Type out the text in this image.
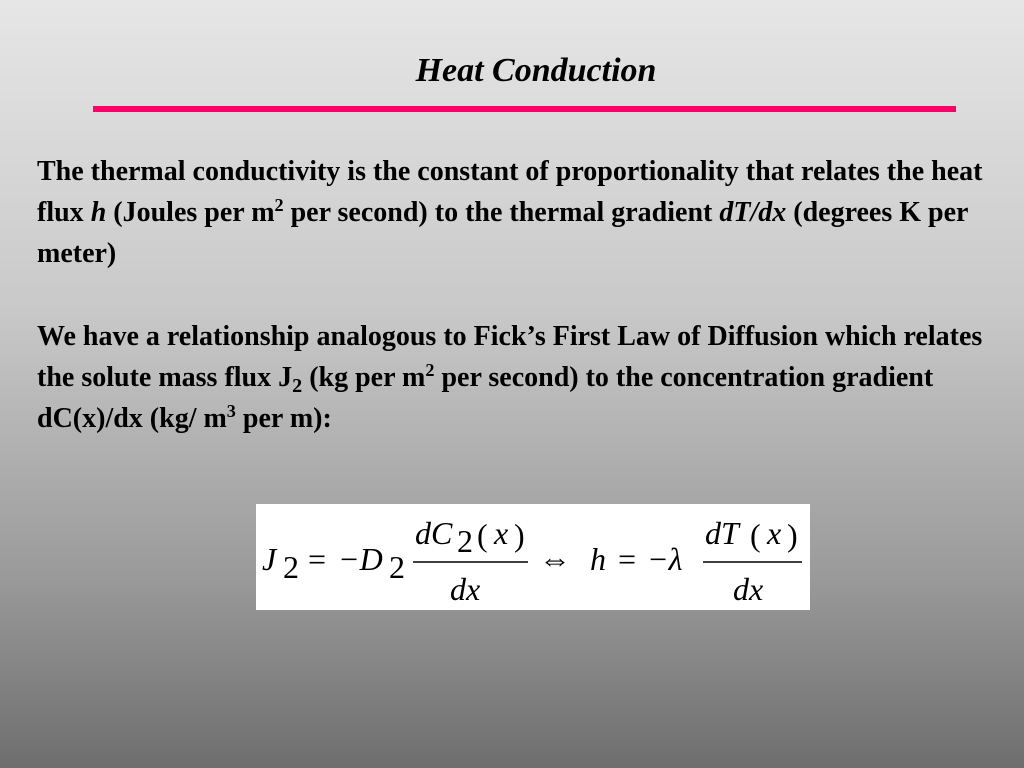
Heat Conduction

The thermal conductivity is the constant of proportionality that relates the heat flux h (Joules per $m^2$ per second) to the thermal gradient dT/dx (degrees K per meter)

We have a relationship analogous to Fick’s First Law of Diffusion which relates the solute mass flux $J_2$ (kg per $m^2$ per second) to the concentration gradient dC(x)/dx (kg/ $m^3$ per m):

J 2 = −D 2
dC 2 ( x )
dx
⇔ h = −λ
dT ( x )
dx
